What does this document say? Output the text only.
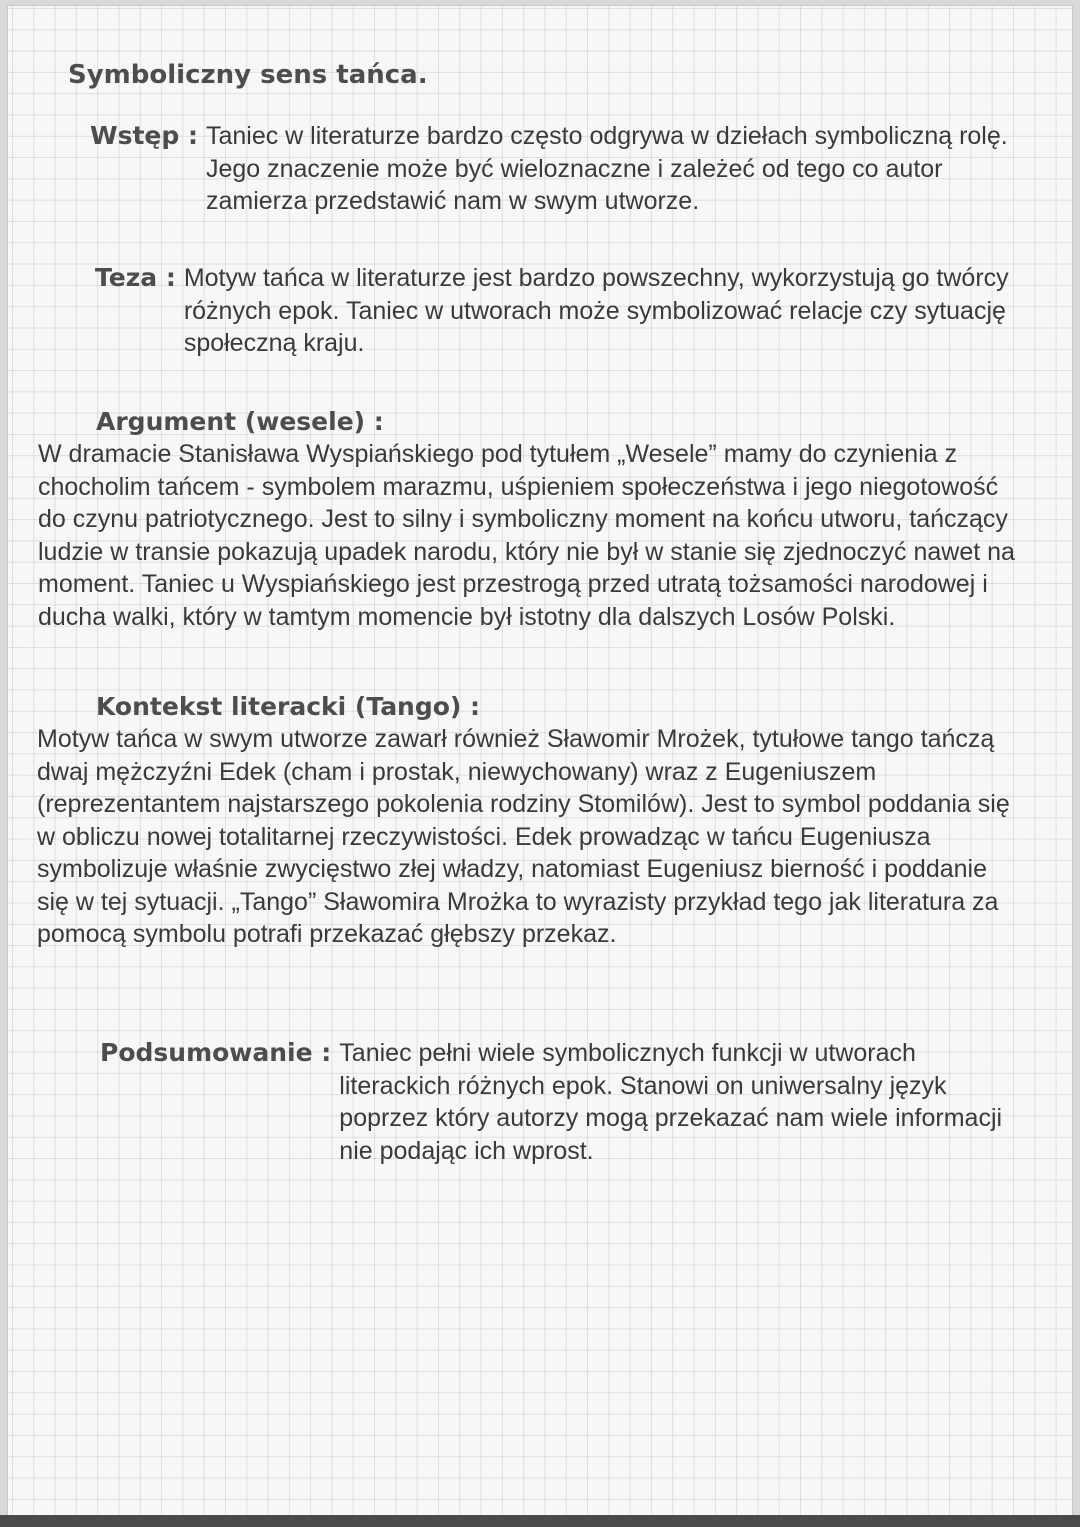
Symboliczny sens tańca.
Wstęp : Taniec w literaturze bardzo często odgrywa w dziełach symboliczną rolę. Jego znaczenie może być wieloznaczne i zależeć od tego co autor zamierza przedstawić nam w swym utworze.
Teza : Motyw tańca w literaturze jest bardzo powszechny, wykorzystują go twórcy różnych epok. Taniec w utworach może symbolizować relacje czy sytuację społeczną kraju.
Argument (wesele) :
W dramacie Stanisława Wyspiańskiego pod tytułem „Wesele” mamy do czynienia z chocholim tańcem - symbolem marazmu, uśpieniem społeczeństwa i jego niegotowość do czynu patriotycznego. Jest to silny i symboliczny moment na końcu utworu, tańczący ludzie w transie pokazują upadek narodu, który nie był w stanie się zjednoczyć nawet na moment. Taniec u Wyspiańskiego jest przestrogą przed utratą tożsamości narodowej i ducha walki, który w tamtym momencie był istotny dla dalszych Losów Polski.
Kontekst literacki (Tango) :
Motyw tańca w swym utworze zawarł również Sławomir Mrożek, tytułowe tango tańczą dwaj mężczyźni Edek (cham i prostak, niewychowany) wraz z Eugeniuszem (reprezentantem najstarszego pokolenia rodziny Stomilów). Jest to symbol poddania się w obliczu nowej totalitarnej rzeczywistości. Edek prowadząc w tańcu Eugeniusza symbolizuje właśnie zwycięstwo złej władzy, natomiast Eugeniusz bierność i poddanie się w tej sytuacji. „Tango” Sławomira Mrożka to wyrazisty przykład tego jak literatura za pomocą symbolu potrafi przekazać głębszy przekaz.
Podsumowanie : Taniec pełni wiele symbolicznych funkcji w utworach literackich różnych epok. Stanowi on uniwersalny język poprzez który autorzy mogą przekazać nam wiele informacji nie podając ich wprost.
